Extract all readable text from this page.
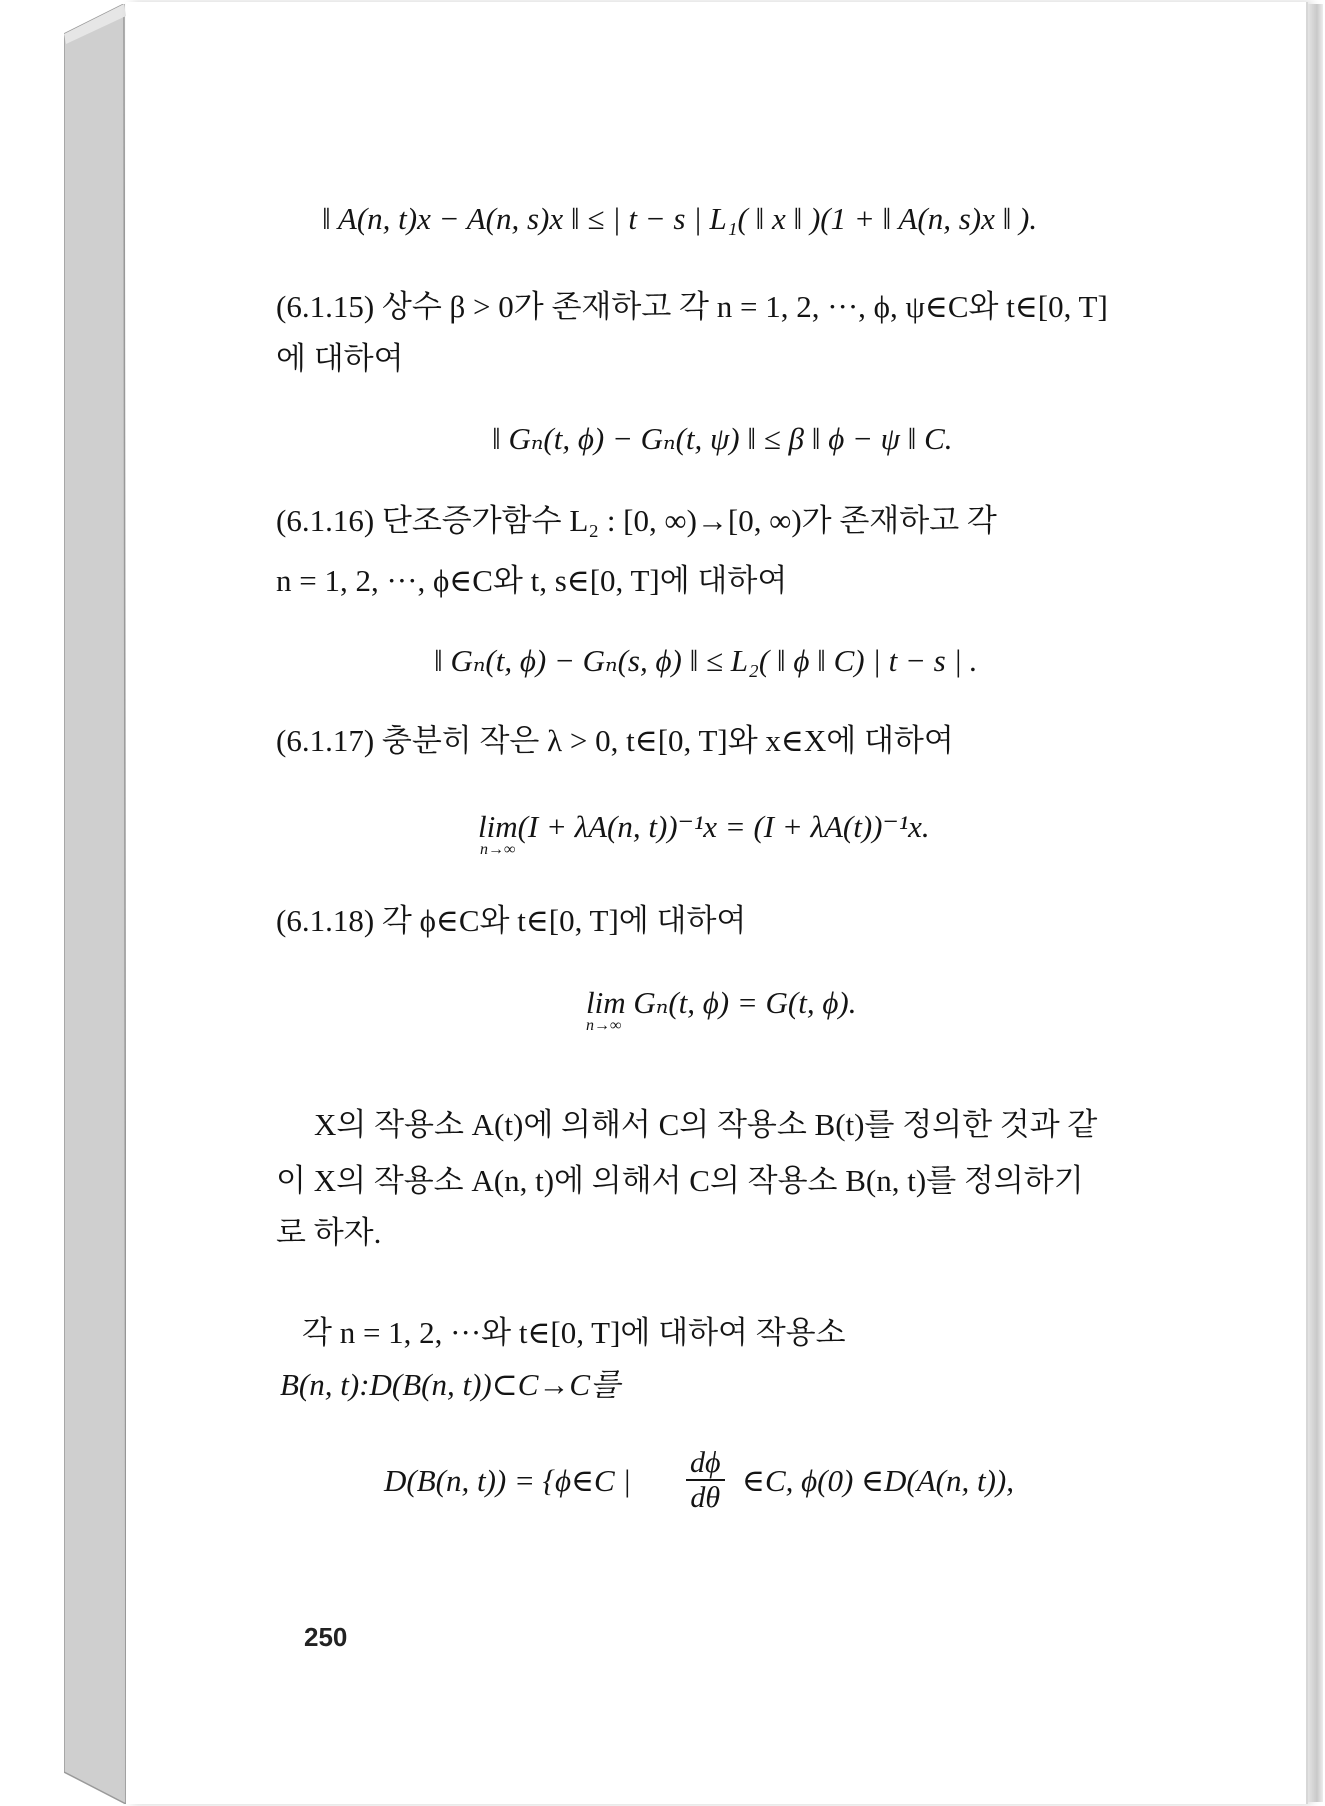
‖ A(n, t)x − A(n, s)x ‖ ≤ | t − s | L₁( ‖ x ‖ )(1 + ‖ A(n, s)x ‖ ).
(6.1.15) 상수 β > 0가 존재하고 각 n = 1, 2, ···, ϕ, ψ∈C와 t∈[0, T]
에 대하여
‖ Gₙ(t, ϕ) − Gₙ(t, ψ) ‖ ≤ β ‖ ϕ − ψ ‖ C.
(6.1.16) 단조증가함수 L₂ : [0, ∞)→[0, ∞)가 존재하고 각
n = 1, 2, ···, ϕ∈C와 t, s∈[0, T]에 대하여
‖ Gₙ(t, ϕ) − Gₙ(s, ϕ) ‖ ≤ L₂( ‖ ϕ ‖ C) | t − s | .
(6.1.17) 충분히 작은 λ > 0, t∈[0, T]와 x∈X에 대하여
lim(I + λA(n, t))⁻¹x = (I + λA(t))⁻¹x.
n→∞
(6.1.18) 각 ϕ∈C와 t∈[0, T]에 대하여
lim Gₙ(t, ϕ) = G(t, ϕ).
n→∞
X의 작용소 A(t)에 의해서 C의 작용소 B(t)를 정의한 것과 같
이 X의 작용소 A(n, t)에 의해서 C의 작용소 B(n, t)를 정의하기
로 하자.
각 n = 1, 2, ···와 t∈[0, T]에 대하여 작용소
B(n, t):D(B(n, t))⊂C→C를
D(B(n, t)) = {ϕ∈C | $\frac{d\phi}{d\theta}$ ∈C, ϕ(0) ∈D(A(n, t)),
250
